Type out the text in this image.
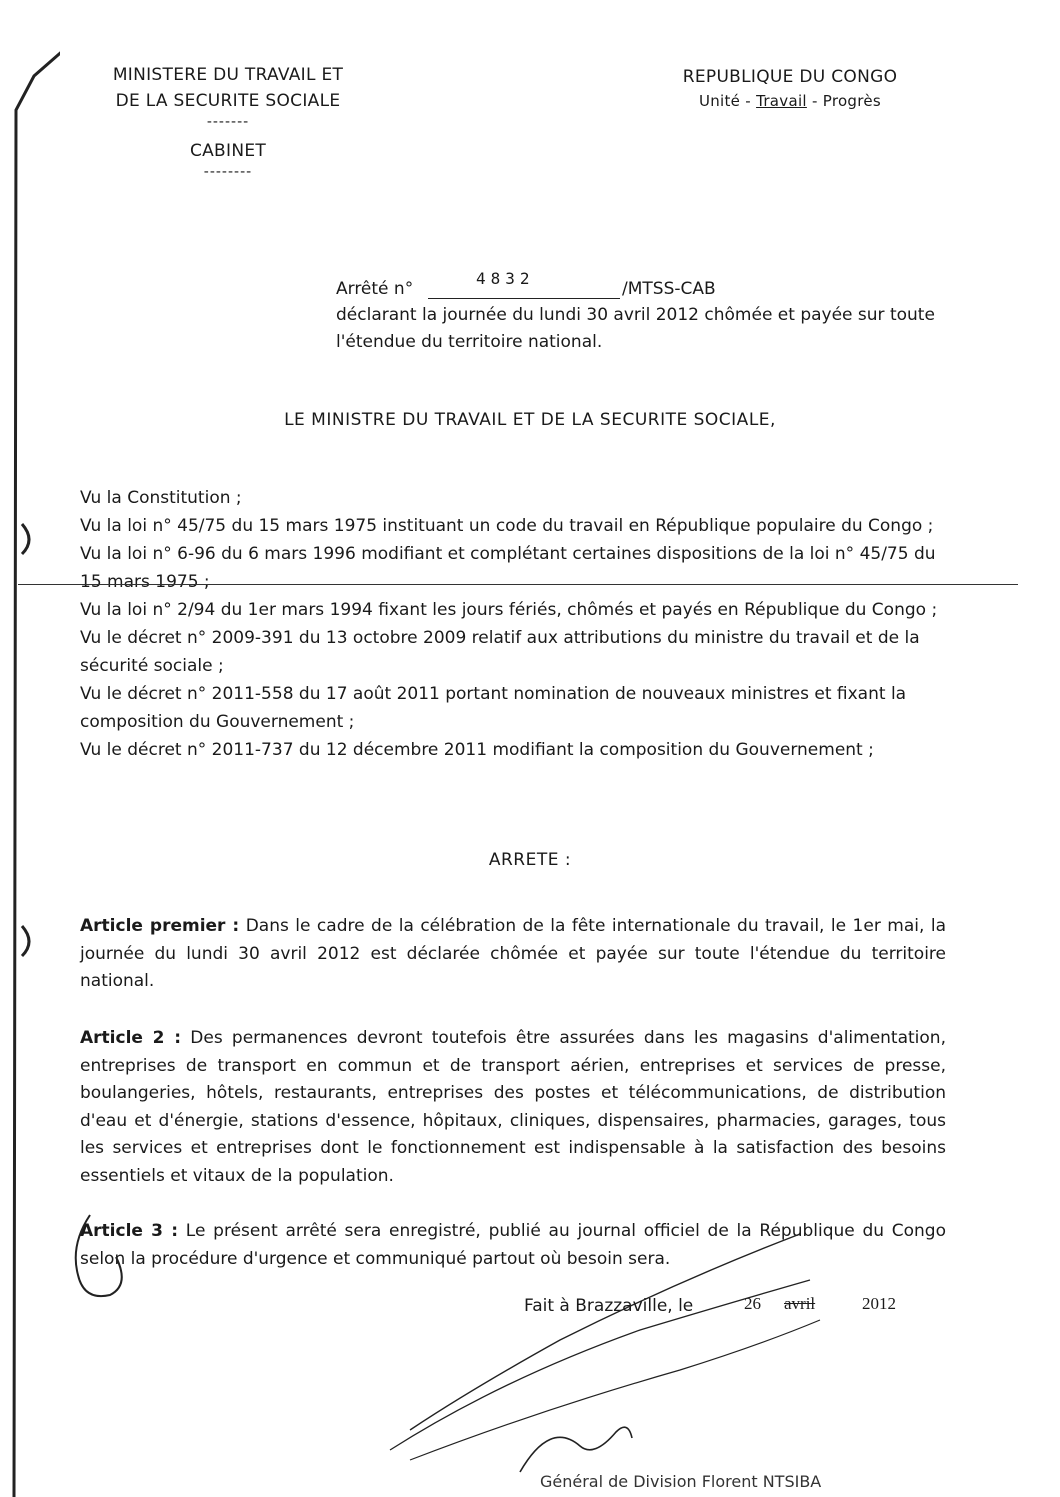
MINISTERE DU TRAVAIL ET
DE LA SECURITE SOCIALE
-------
CABINET
--------
REPUBLIQUE DU CONGO
Unité - Travail - Progrès
Arrêté n°
4832
/MTSS-CAB
déclarant la journée du lundi 30 avril 2012 chômée et payée sur toute l'étendue du territoire national.
LE MINISTRE DU TRAVAIL ET DE LA SECURITE SOCIALE,

Vu la Constitution ;

Vu la loi n° 45/75 du 15 mars 1975 instituant un code du travail en République populaire du Congo ;

Vu la loi n° 6-96 du 6 mars 1996 modifiant et complétant certaines dispositions de la loi n° 45/75 du 15 mars 1975 ;

Vu la loi n° 2/94 du 1er mars 1994 fixant les jours fériés, chômés et payés en République du Congo ;

Vu le décret n° 2009-391 du 13 octobre 2009 relatif aux attributions du ministre du travail et de la sécurité sociale ;

Vu le décret n° 2011-558 du 17 août 2011 portant nomination de nouveaux ministres et fixant la composition du Gouvernement ;

Vu le décret n° 2011-737 du 12 décembre 2011 modifiant la composition du Gouvernement ;

ARRETE :
Article premier : Dans le cadre de la célébration de la fête internationale du travail, le 1er mai, la journée du lundi 30 avril 2012 est déclarée chômée et payée sur toute l'étendue du territoire national.
Article 2 : Des permanences devront toutefois être assurées dans les magasins d'alimentation, entreprises de transport en commun et de transport aérien, entreprises et services de presse, boulangeries, hôtels, restaurants, entreprises des postes et télécommunications, de distribution d'eau et d'énergie, stations d'essence, hôpitaux, cliniques, dispensaires, pharmacies, garages, tous les services et entreprises dont le fonctionnement est indispensable à la satisfaction des besoins essentiels et vitaux de la population.
Article 3 : Le présent arrêté sera enregistré, publié au journal officiel de la République du Congo selon la procédure d'urgence et communiqué partout où besoin sera.
Fait à Brazzaville, le	26 avril	2012
Général de Division Florent NTSIBA
